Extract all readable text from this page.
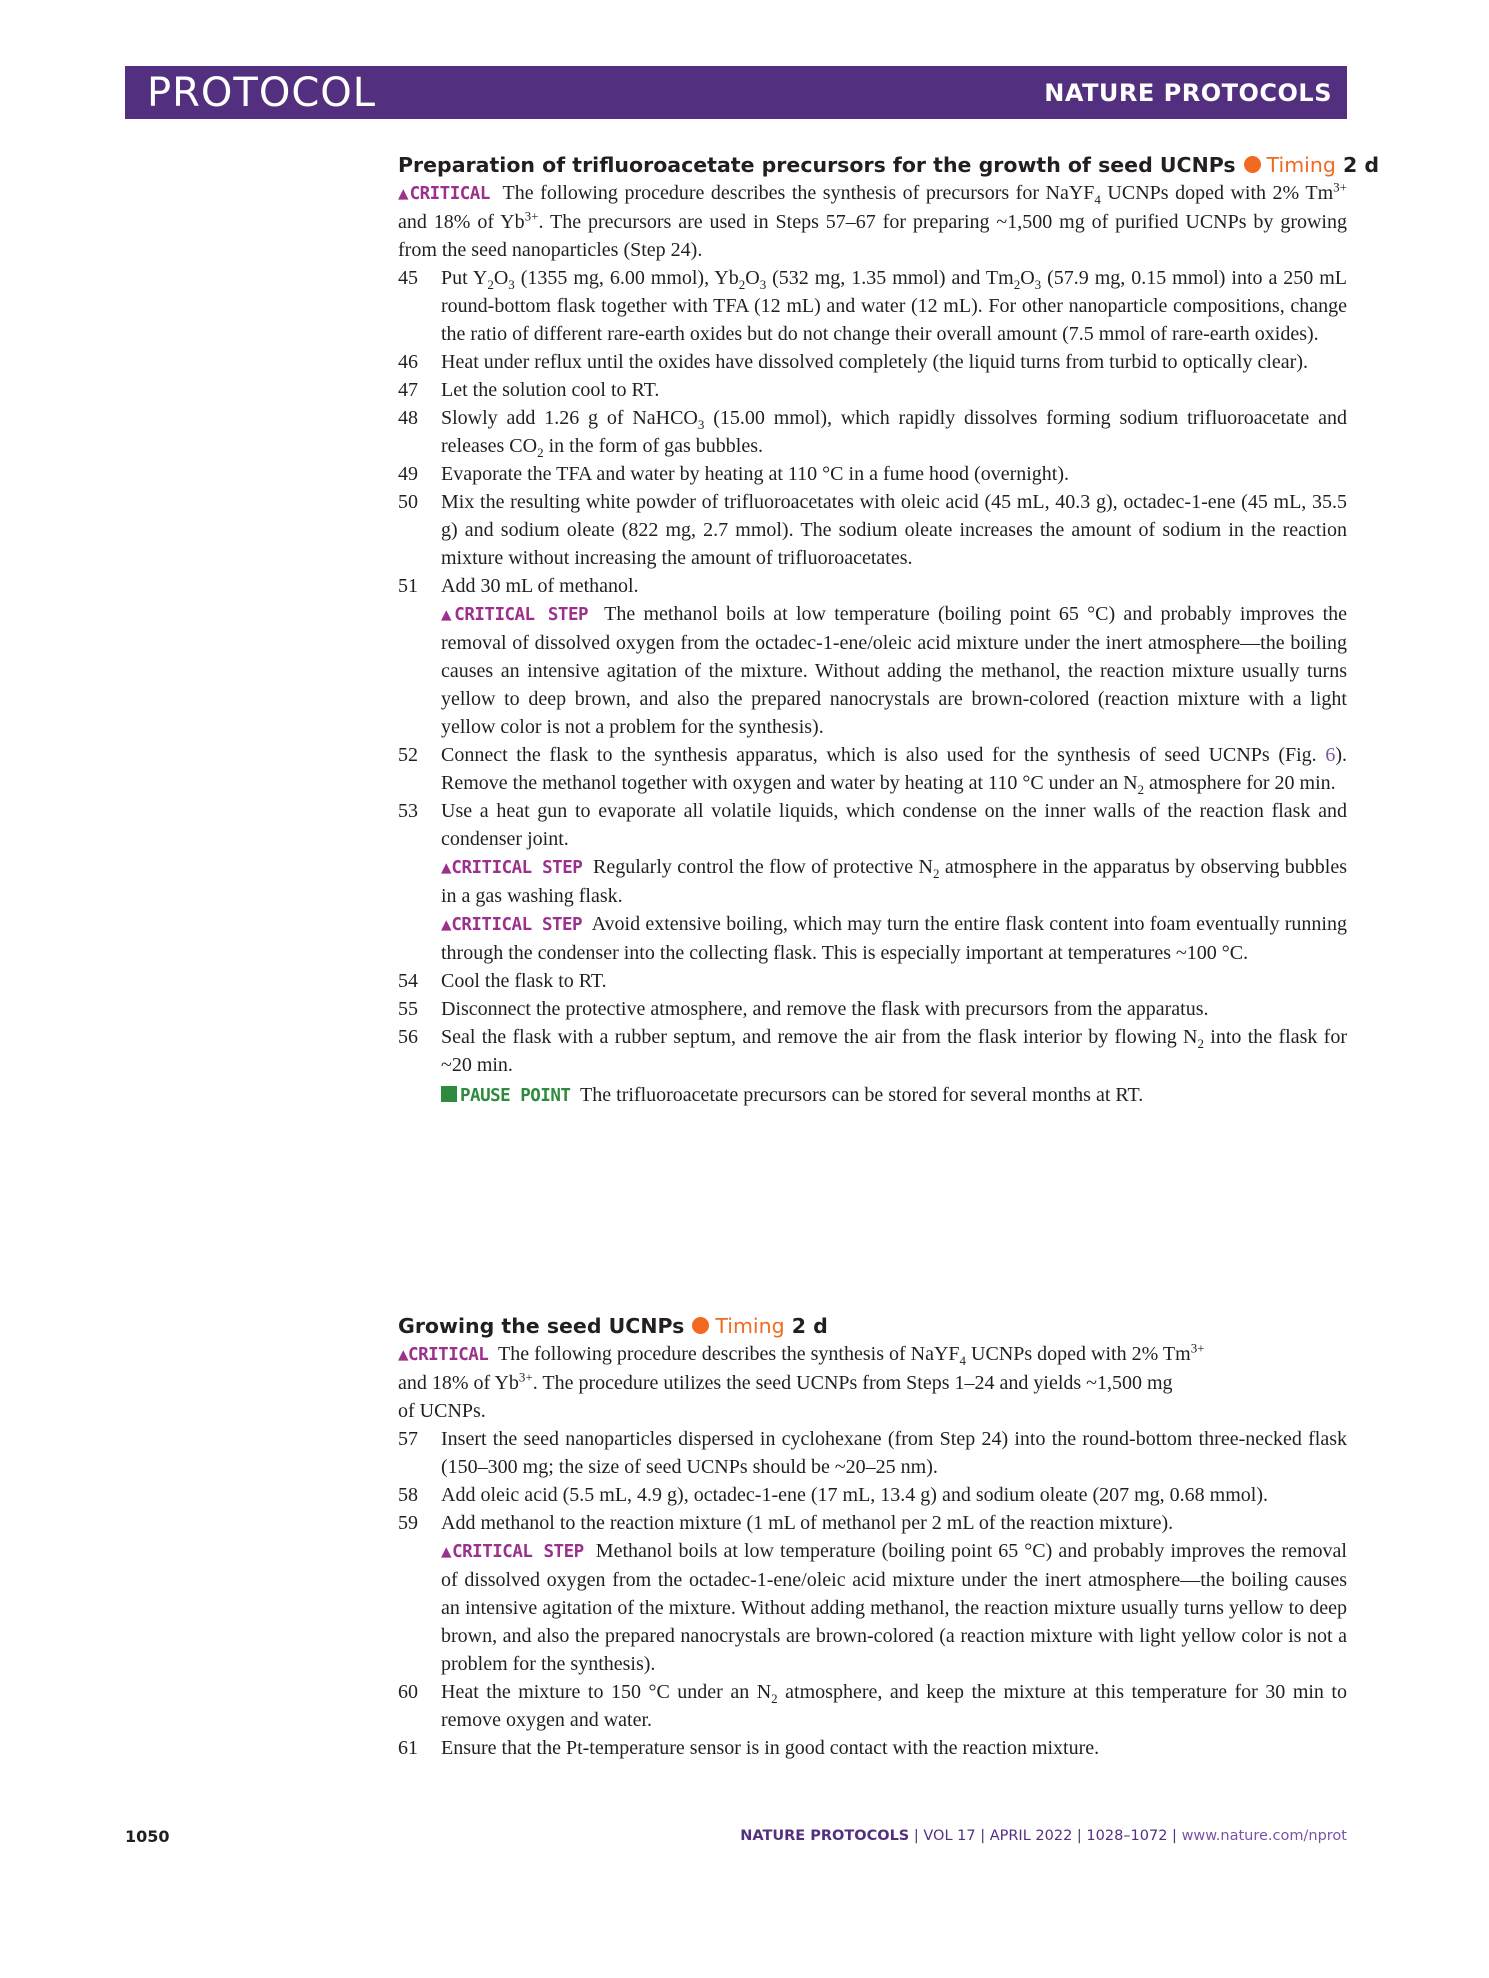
PROTOCOL	NATURE PROTOCOLS
Preparation of trifluoroacetate precursors for the growth of seed UCNPs Timing 2 d
▲CRITICAL  The following procedure describes the synthesis of precursors for NaYF$_4$ UCNPs doped with 2% $Tm^{3+}$ and 18% of $Yb^{3+}$. The precursors are used in Steps 57–67 for preparing ~1,500 mg of purified UCNPs by growing from the seed nanoparticles (Step 24).
45 Put $Y_2O_3$ (1355 mg, 6.00 mmol), $Yb_2O_3$ (532 mg, 1.35 mmol) and $Tm_2O_3$ (57.9 mg, 0.15 mmol) into a 250 mL round-bottom flask together with TFA (12 mL) and water (12 mL). For other nanoparticle compositions, change the ratio of different rare-earth oxides but do not change their overall amount (7.5 mmol of rare-earth oxides).
46 Heat under reflux until the oxides have dissolved completely (the liquid turns from turbid to optically clear).
47 Let the solution cool to RT.
48 Slowly add 1.26 g of NaHCO$_3$ (15.00 mmol), which rapidly dissolves forming sodium trifluoroacetate and releases $CO_2$ in the form of gas bubbles.
49 Evaporate the TFA and water by heating at 110 °C in a fume hood (overnight).
50 Mix the resulting white powder of trifluoroacetates with oleic acid (45 mL, 40.3 g), octadec-1-ene (45 mL, 35.5 g) and sodium oleate (822 mg, 2.7 mmol). The sodium oleate increases the amount of sodium in the reaction mixture without increasing the amount of trifluoroacetates.
51 Add 30 mL of methanol.
▲CRITICAL STEP  The methanol boils at low temperature (boiling point 65 °C) and probably improves the removal of dissolved oxygen from the octadec-1-ene/oleic acid mixture under the inert atmosphere—the boiling causes an intensive agitation of the mixture. Without adding the methanol, the reaction mixture usually turns yellow to deep brown, and also the prepared nanocrystals are brown-colored (reaction mixture with a light yellow color is not a problem for the synthesis).
52 Connect the flask to the synthesis apparatus, which is also used for the synthesis of seed UCNPs (Fig. 6). Remove the methanol together with oxygen and water by heating at 110 °C under an $N_2$ atmosphere for 20 min.
53 Use a heat gun to evaporate all volatile liquids, which condense on the inner walls of the reaction flask and condenser joint.
▲CRITICAL STEP  Regularly control the flow of protective $N_2$ atmosphere in the apparatus by observing bubbles in a gas washing flask.
▲CRITICAL STEP  Avoid extensive boiling, which may turn the entire flask content into foam eventually running through the condenser into the collecting flask. This is especially important at temperatures ~100 °C.
54 Cool the flask to RT.
55 Disconnect the protective atmosphere, and remove the flask with precursors from the apparatus.
56 Seal the flask with a rubber septum, and remove the air from the flask interior by flowing $N_2$ into the flask for ~20 min.
PAUSE POINT  The trifluoroacetate precursors can be stored for several months at RT.
Growing the seed UCNPs Timing 2 d
▲CRITICAL  The following procedure describes the synthesis of NaYF$_4$ UCNPs doped with 2% $Tm^{3+}$
and 18% of $Yb^{3+}$. The procedure utilizes the seed UCNPs from Steps 1–24 and yields ~1,500 mg
of UCNPs.
57 Insert the seed nanoparticles dispersed in cyclohexane (from Step 24) into the round-bottom three-necked flask (150–300 mg; the size of seed UCNPs should be ~20–25 nm).
58 Add oleic acid (5.5 mL, 4.9 g), octadec-1-ene (17 mL, 13.4 g) and sodium oleate (207 mg, 0.68 mmol).
59 Add methanol to the reaction mixture (1 mL of methanol per 2 mL of the reaction mixture).
▲CRITICAL STEP  Methanol boils at low temperature (boiling point 65 °C) and probably improves the removal of dissolved oxygen from the octadec-1-ene/oleic acid mixture under the inert atmosphere—the boiling causes an intensive agitation of the mixture. Without adding methanol, the reaction mixture usually turns yellow to deep brown, and also the prepared nanocrystals are brown-colored (a reaction mixture with light yellow color is not a problem for the synthesis).
60 Heat the mixture to 150 °C under an $N_2$ atmosphere, and keep the mixture at this temperature for 30 min to remove oxygen and water.
61 Ensure that the Pt-temperature sensor is in good contact with the reaction mixture.
1050	NATURE PROTOCOLS | VOL 17 | APRIL 2022 | 1028–1072 | www.nature.com/nprot
